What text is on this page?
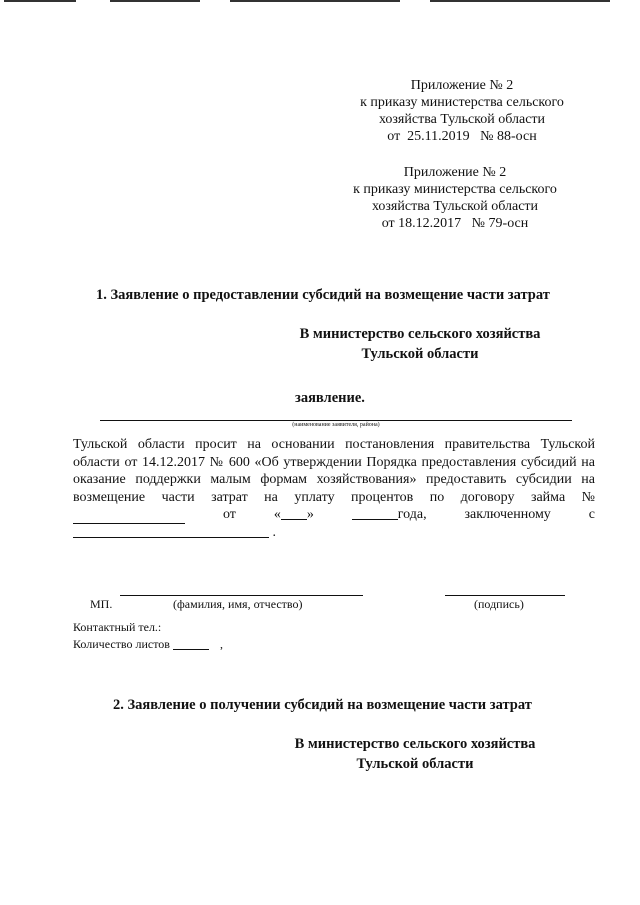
Приложение № 2
к приказу министерства сельского
хозяйства Тульской области
от  25.11.2019   № 88-осн
Приложение № 2
к приказу министерства сельского
хозяйства Тульской области
от 18.12.2017   № 79-осн
1. Заявление о предоставлении субсидий на возмещение части затрат
В министерство сельского хозяйства
Тульской области
заявление.
(наименование заявителя, района)
Тульской области просит на основании постановления правительства Тульской
области от 14.12.2017 № 600 «Об утверждении Порядка предоставления субсидий на
оказание поддержки малым формам хозяйствования» предоставить субсидии на
возмещение части затрат на уплату процентов по договору займа №
от	« »	года,	заключенному	с
.
МП.	(фамилия, имя, отчество)	(подпись)
Контактный тел.:
Количество листов	,
2. Заявление о получении субсидий на возмещение части затрат
В министерство сельского хозяйства
Тульской области
